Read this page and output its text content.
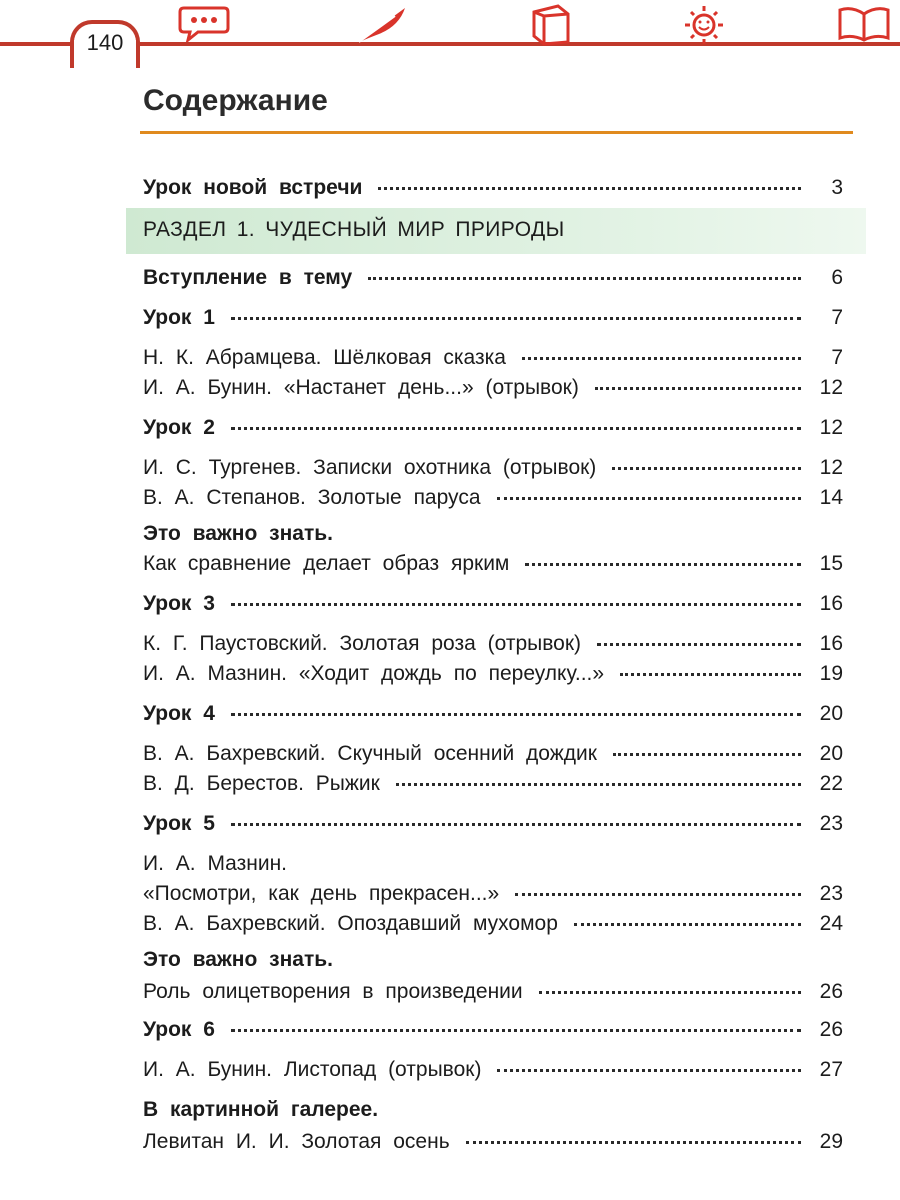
140
Содержание
РАЗДЕЛ 1. ЧУДЕСНЫЙ МИР ПРИРОДЫ
Урок новой встречи	3
Вступление в тему	6
Урок 1	7
Н. К. Абрамцева. Шёлковая сказка	7
И. А. Бунин. «Настанет день...» (отрывок)	12
Урок 2	12
И. С. Тургенев. Записки охотника (отрывок)	12
В. А. Степанов. Золотые паруса	14
Это важно знать.
Как сравнение делает образ ярким	15
Урок 3	16
К. Г. Паустовский. Золотая роза (отрывок)	16
И. А. Мазнин. «Ходит дождь по переулку...»	19
Урок 4	20
В. А. Бахревский. Скучный осенний дождик	20
В. Д. Берестов. Рыжик	22
Урок 5	23
И. А. Мазнин.
«Посмотри, как день прекрасен...»	23
В. А. Бахревский. Опоздавший мухомор	24
Это важно знать.
Роль олицетворения в произведении	26
Урок 6	26
И. А. Бунин. Листопад (отрывок)	27
В картинной галерее.
Левитан И. И. Золотая осень	29
